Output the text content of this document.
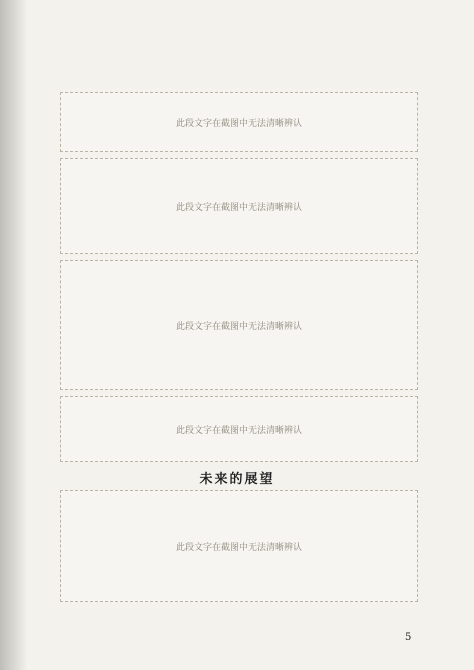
此段文字在截图中无法清晰辨认
此段文字在截图中无法清晰辨认
此段文字在截图中无法清晰辨认
此段文字在截图中无法清晰辨认
未来的展望
此段文字在截图中无法清晰辨认
5
